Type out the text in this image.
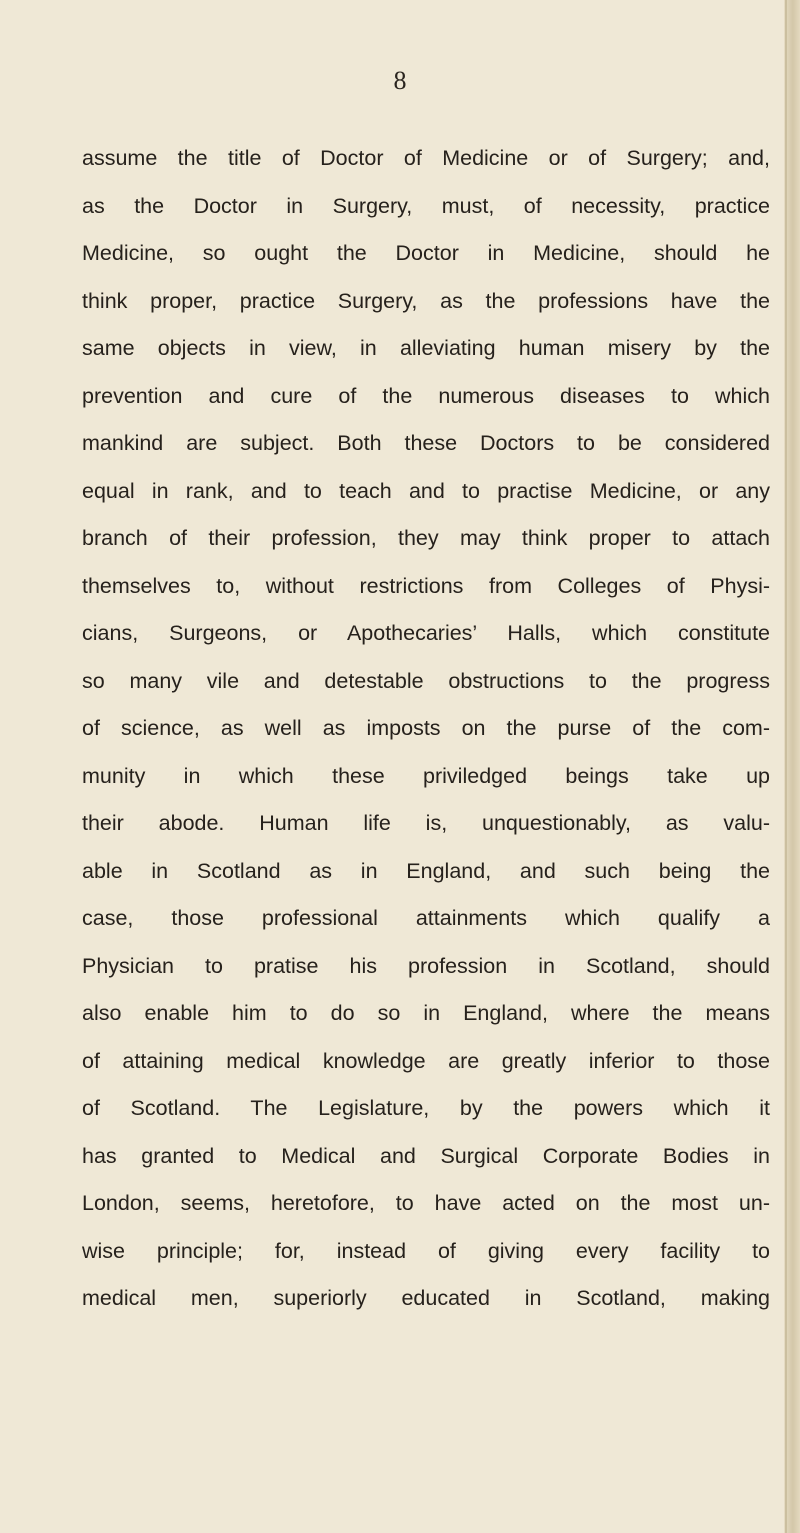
8

assume the title of Doctor of Medicine or of Surgery; and,
as the Doctor in Surgery, must, of necessity, practice
Medicine, so ought the Doctor in Medicine, should he
think proper, practice Surgery, as the professions have the
same objects in view, in alleviating human misery by the
prevention and cure of the numerous diseases to which
mankind are subject. Both these Doctors to be considered
equal in rank, and to teach and to practise Medicine, or any
branch of their profession, they may think proper to attach
themselves to, without restrictions from Colleges of Physi-
cians, Surgeons, or Apothecaries’ Halls, which constitute
so many vile and detestable obstructions to the progress
of science, as well as imposts on the purse of the com-
munity in which these priviledged beings take up
their abode. Human life is, unquestionably, as valu-
able in Scotland as in England, and such being the
case, those professional attainments which qualify a
Physician to pratise his profession in Scotland, should
also enable him to do so in England, where the means
of attaining medical knowledge are greatly inferior to those
of Scotland. The Legislature, by the powers which it
has granted to Medical and Surgical Corporate Bodies in
London, seems, heretofore, to have acted on the most un-
wise principle; for, instead of giving every facility to
medical men, superiorly educated in Scotland, making
